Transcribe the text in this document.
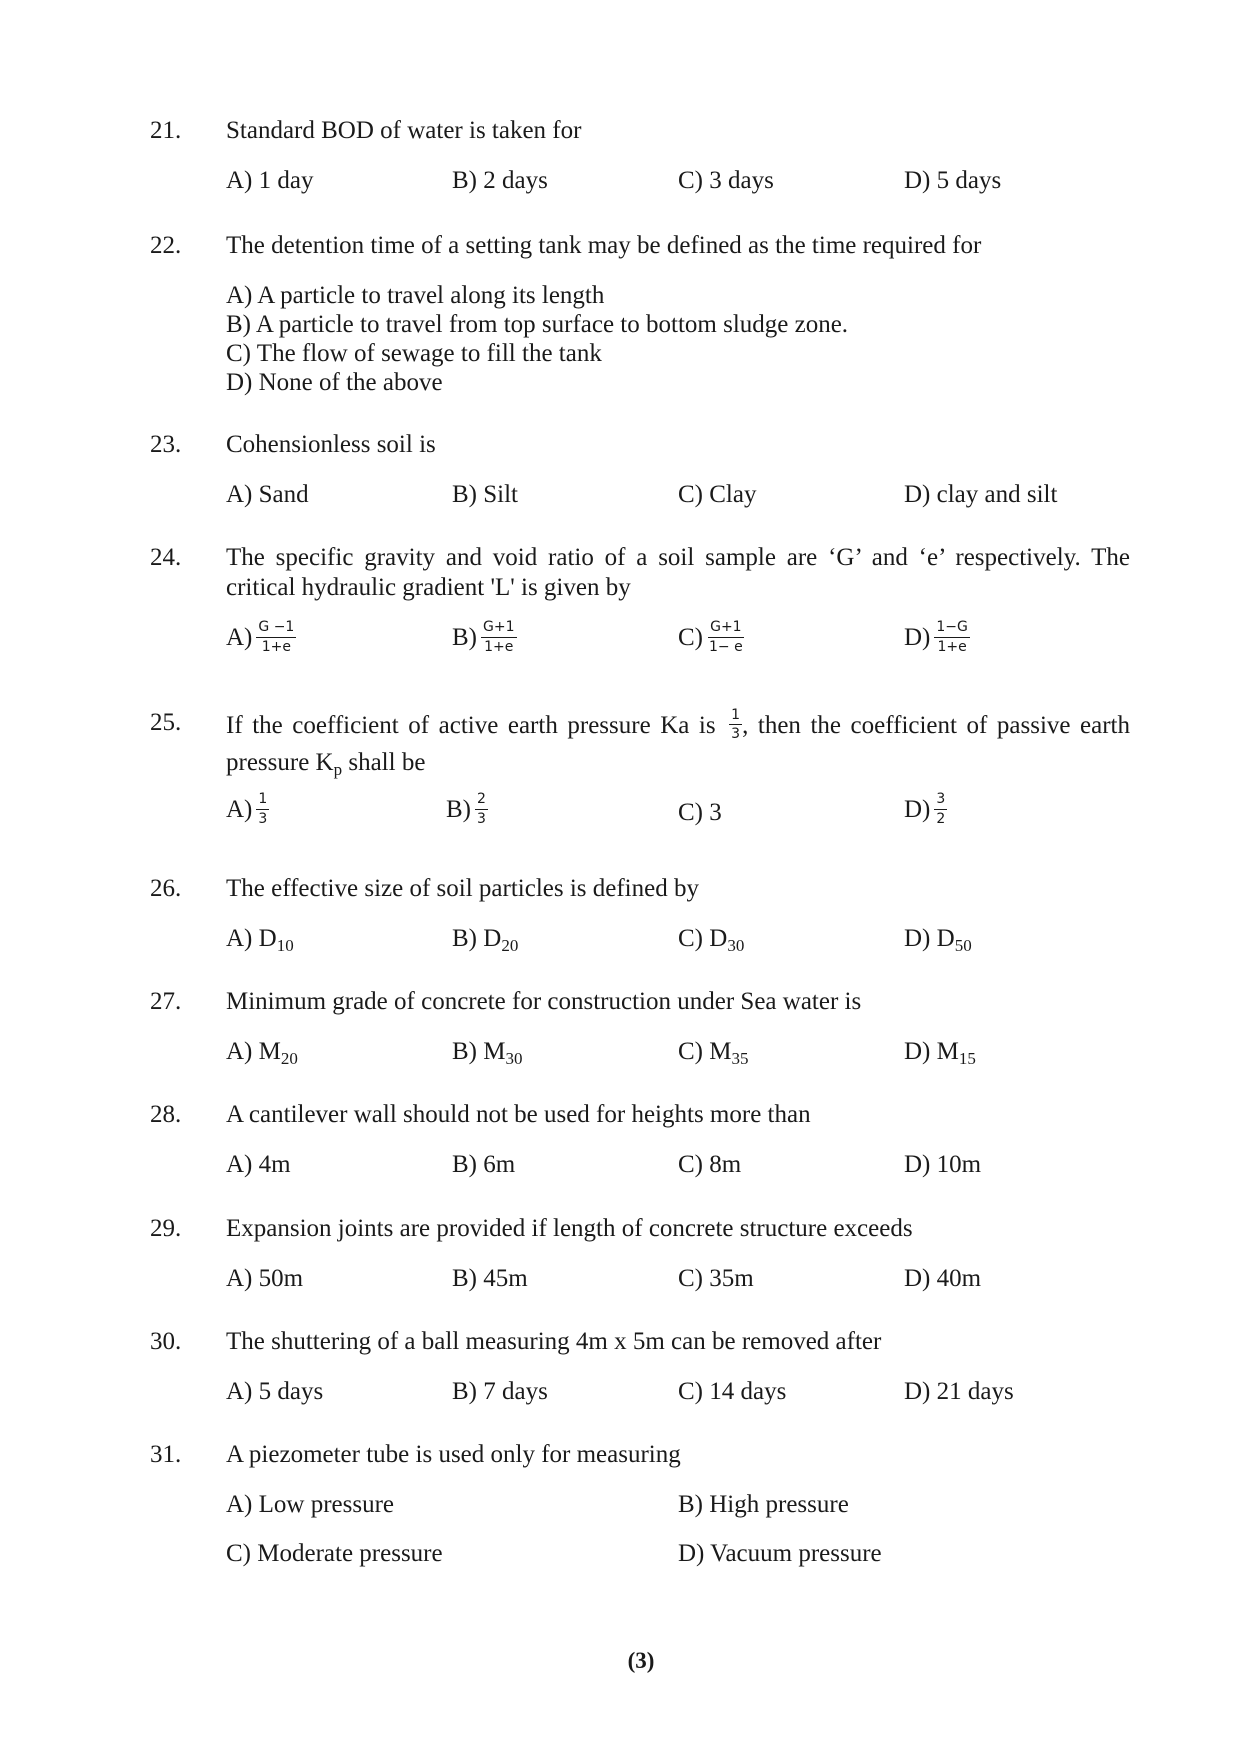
21. Standard BOD of water is taken for
A) 1 day	B) 2 days	C) 3 days	D) 5 days
22. The detention time of a setting tank may be defined as the time required for
A) A particle to travel along its length
B) A particle to travel from top surface to bottom sludge zone.
C) The flow of sewage to fill the tank
D) None of the above
23. Cohensionless soil is
A) Sand	B) Silt	C) Clay	D) clay and silt
24. The specific gravity and void ratio of a soil sample are ‘G’ and ‘e’ respectively. The critical hydraulic gradient 'L' is given by
$A) \frac{G -1}{1+e}$	$B) \frac{G+1}{1+e}$	$C) \frac{G+1}{1- e}$	$D) \frac{1-G}{1+e}$
25. If the coefficient of active earth pressure Ka is $\frac{1}{3}$ , then the coefficient of passive earth pressure $K_p$ shall be
$A) \frac{1}{3}$	$B) \frac{2}{3}$	C) 3	$D) \frac{3}{2}$
26. The effective size of soil particles is defined by
A) $D_{10}$	B) $D_{20}$	C) $D_{30}$	D) $D_{50}$
27. Minimum grade of concrete for construction under Sea water is
A) $M_{20}$	B) $M_{30}$	C) $M_{35}$	D) $M_{15}$
28. A cantilever wall should not be used for heights more than
A) 4m	B) 6m	C) 8m	D) 10m
29. Expansion joints are provided if length of concrete structure exceeds
A) 50m	B) 45m	C) 35m	D) 40m
30. The shuttering of a ball measuring 4m x 5m can be removed after
A) 5 days	B) 7 days	C) 14 days	D) 21 days
31. A piezometer tube is used only for measuring
A) Low pressure	B) High pressure
C) Moderate pressure	D) Vacuum pressure
(3)
